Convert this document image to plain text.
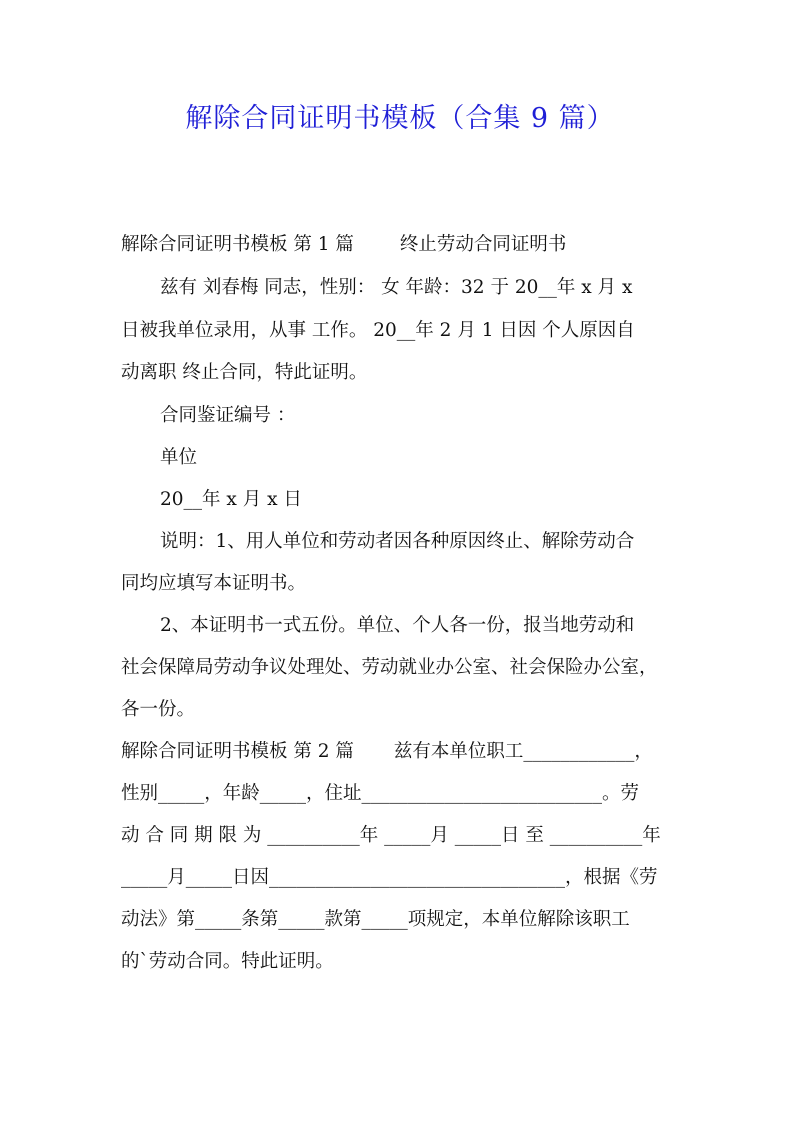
解除合同证明书模板（合集 9 篇）
解除合同证明书模板 第 1 篇 终止劳动合同证明书
兹有 刘春梅 同志，性别： 女 年龄：32 于 20__年 x 月 x
日被我单位录用，从事 工作。 20__年 2 月 1 日因 个人原因自
动离职 终止合同，特此证明。
合同鉴证编号 ：
单位
20__年 x 月 x 日
说明：1、用人单位和劳动者因各种原因终止、解除劳动合
同均应填写本证明书。
2、本证明书一式五份。单位、个人各一份，报当地劳动和
社会保障局劳动争议处理处、劳动就业办公室、社会保险办公室，
各一份。
解除合同证明书模板 第 2 篇 兹有本单位职工____________，
性别_____，年龄_____，住址__________________________。劳
动 合 同 期 限 为 __________年 _____月 _____日 至 __________年
_____月_____日因________________________________，根据《劳
动法》第_____条第_____款第_____项规定，本单位解除该职工
的`劳动合同。特此证明。
